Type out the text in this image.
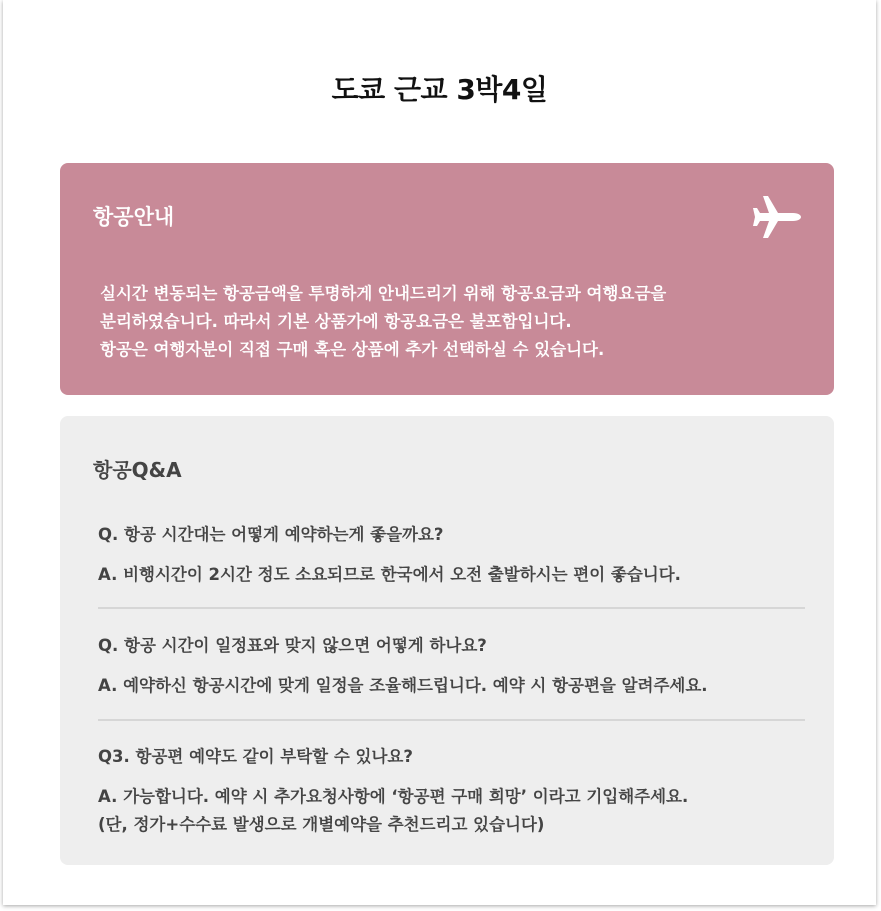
도쿄 근교 3박4일
항공안내

실시간 변동되는 항공금액을 투명하게 안내드리기 위해 항공요금과 여행요금을

분리하였습니다. 따라서 기본 상품가에 항공요금은 불포함입니다.

항공은 여행자분이 직접 구매 혹은 상품에 추가 선택하실 수 있습니다.

항공Q&A

Q. 항공 시간대는 어떻게 예약하는게 좋을까요?

A. 비행시간이 2시간 정도 소요되므로 한국에서 오전 출발하시는 편이 좋습니다.

Q. 항공 시간이 일정표와 맞지 않으면 어떻게 하나요?

A. 예약하신 항공시간에 맞게 일정을 조율해드립니다. 예약 시 항공편을 알려주세요.

Q3. 항공편 예약도 같이 부탁할 수 있나요?

A. 가능합니다. 예약 시 추가요청사항에 ‘항공편 구매 희망’ 이라고 기입해주세요.

(단, 정가+수수료 발생으로 개별예약을 추천드리고 있습니다)
